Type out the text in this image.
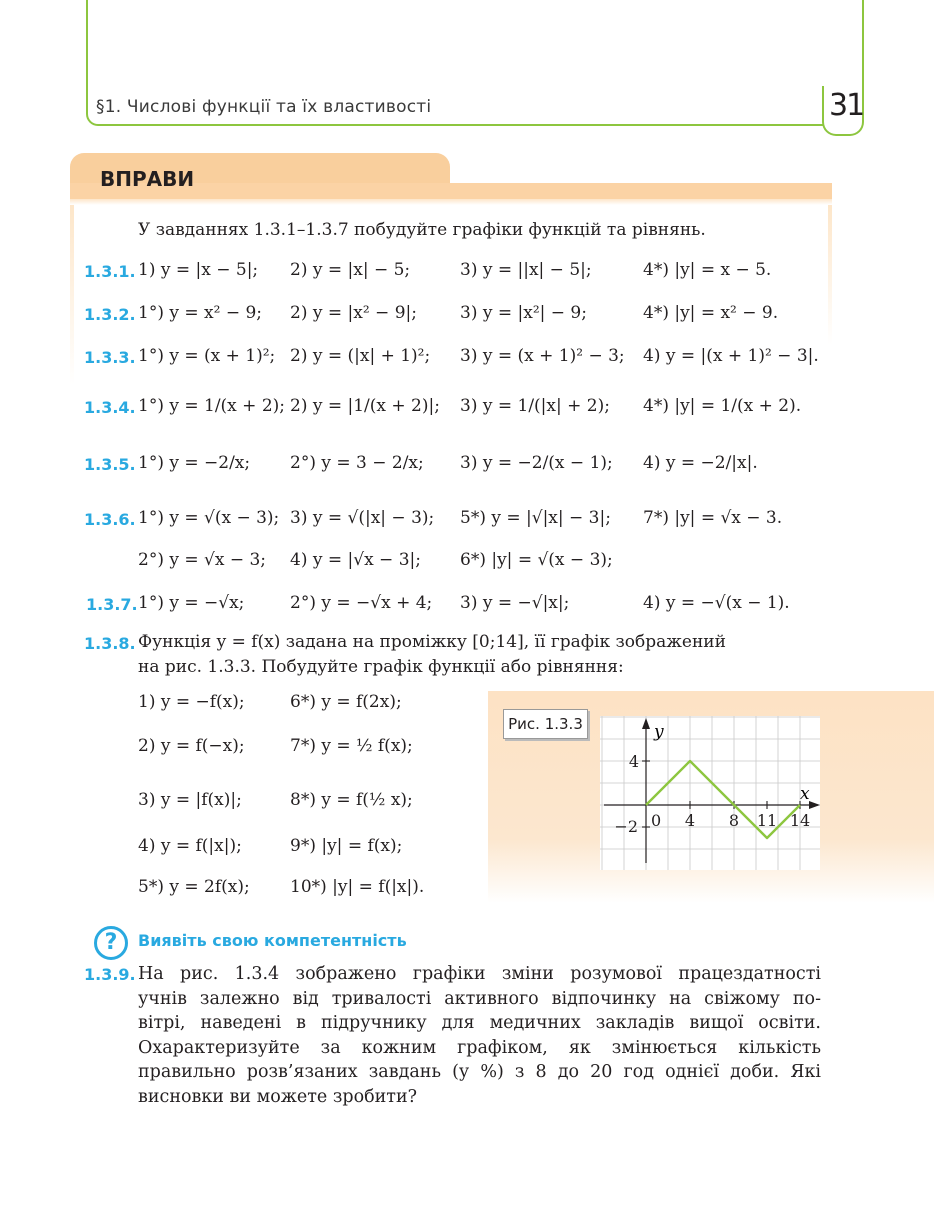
§1. Числові функції та їх властивості	31
ВПРАВИ
У завданнях 1.3.1–1.3.7 побудуйте графіки функцій та рівнянь.
1.3.1. 1) y = |x − 5|; 2) y = |x| − 5;	3) y = ||x| − 5|;	4*) |y| = x − 5.
1.3.2. 1°) y = x² − 9; 2) y = |x² − 9|;	3) y = |x²| − 9;	4*) |y| = x² − 9.
1.3.3. 1°) y = (x + 1)²; 2) y = (|x| + 1)²; 3) y = (x + 1)² − 3; 4) y = |(x + 1)² − 3|.
1.3.4. 1°) y = 1/(x + 2); 2) y = |1/(x + 2)|; 3) y = 1/(|x| + 2); 4*) |y| = 1/(x + 2).
1.3.5. 1°) y = −2/x; 2°) y = 3 − 2/x; 3) y = −2/(x − 1); 4) y = −2/|x|.
1.3.6. 1°) y = √(x − 3); 3) y = √(|x| − 3); 5*) y = |√|x| − 3|; 7*) |y| = √x − 3.
2°) y = √x − 3; 4) y = |√x − 3|; 6*) |y| = √(x − 3);
1.3.7. 1°) y = −√x;	2°) y = −√x + 4; 3) y = −√|x|;	4) y = −√(x − 1).
1.3.8. Функція y = f(x) задана на проміжку [0;14], її графік зображений
на рис. 1.3.3. Побудуйте графік функції або рівняння:
1) y = −f(x);	6*) y = f(2x);
2) y = f(−x);	7*) y = ½ f(x);
3) y = |f(x)|;	8*) y = f(½ x);
4) y = f(|x|);	9*) |y| = f(x);
5*) y = 2f(x); 10*) |y| = f(|x|).
Рис. 1.3.3	y
x
0 4 8 11 14
4
−2
?	Виявіть свою компетентність
1.3.9. На рис. 1.3.4 зображено графіки зміни розумової працездатності
учнів залежно від тривалості активного відпочинку на свіжому по-
вітрі, наведені в підручнику для медичних закладів вищої освіти.
Охарактеризуйте за кожним графіком, як змінюється кількість
правильно розв’язаних завдань (у %) з 8 до 20 год однієї доби. Які
висновки ви можете зробити?
